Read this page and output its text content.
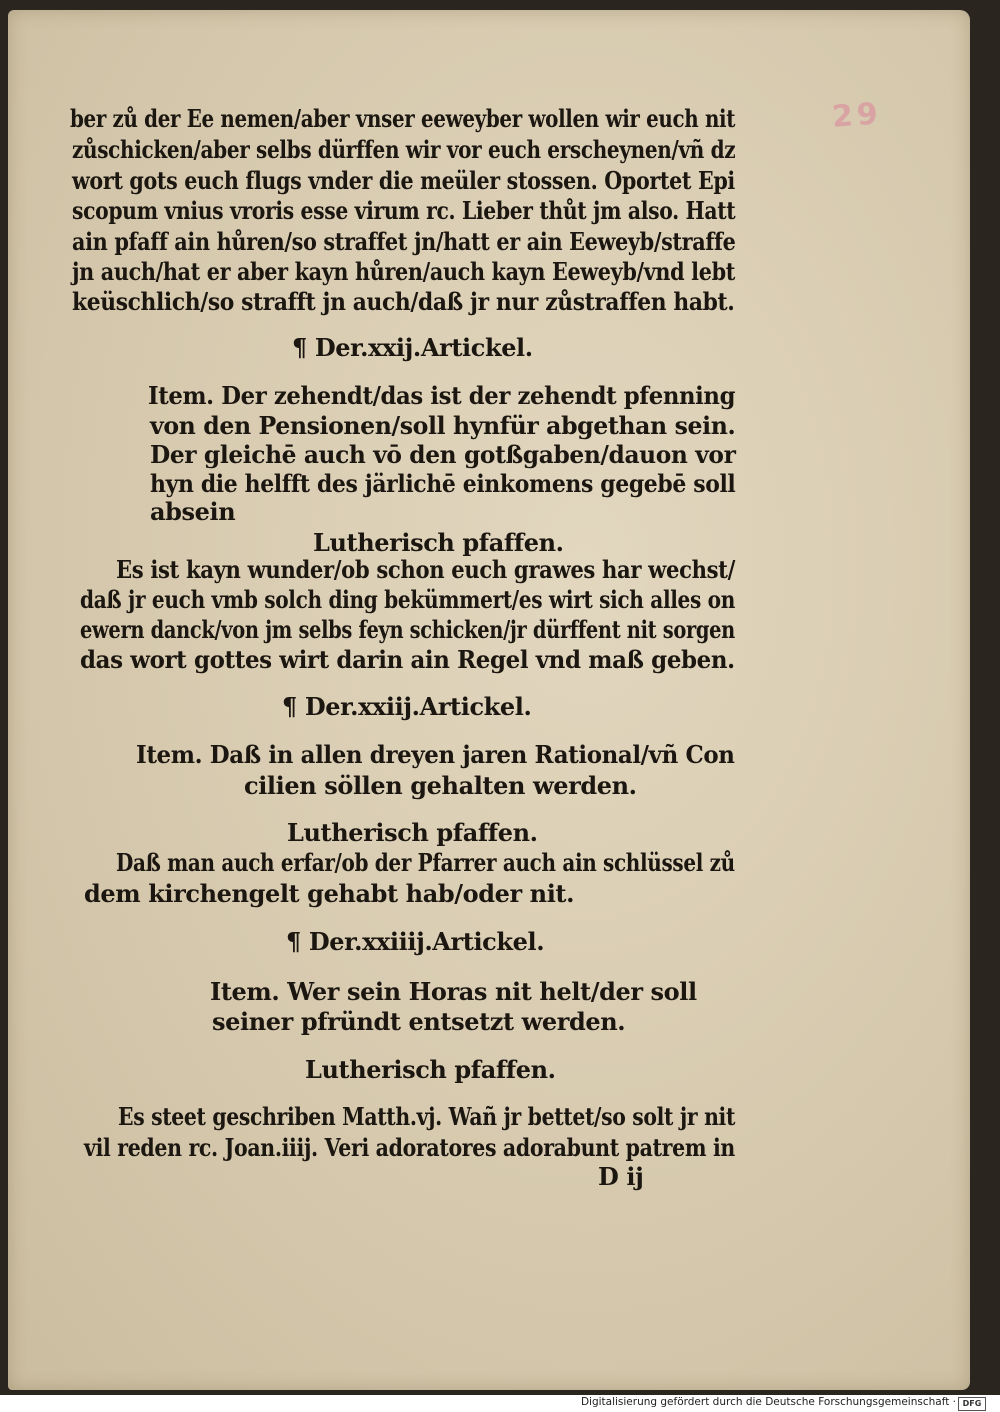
29
ber zů der Ee nemen/aber vnser eeweyber wollen wir euch nit
zůschicken/aber selbs dürffen wir vor euch erscheynen/vñ dz
wort gots euch flugs vnder die meüler stossen. Oportet Epi
scopum vnius vroris esse virum rc. Lieber thůt jm also. Hatt
ain pfaff ain hůren/so straffet jn/hatt er ain Eeweyb/straffe
jn auch/hat er aber kayn hůren/auch kayn Eeweyb/vnd lebt
keüschlich/so strafft jn auch/daß jr nur zůstraffen habt.
¶ Der.xxij.Artickel.
Item. Der zehendt/das ist der zehendt pfenning
von den Pensionen/soll hynfür abgethan sein.
Der gleichē auch vō den gotßgaben/dauon vor
hyn die helfft des järlichē einkomens gegebē soll
absein
Lutherisch pfaffen.
Es ist kayn wunder/ob schon euch grawes har wechst/
daß jr euch vmb solch ding bekümmert/es wirt sich alles on
ewern danck/von jm selbs feyn schicken/jr dürffent nit sorgen
das wort gottes wirt darin ain Regel vnd maß geben.
¶ Der.xxiij.Artickel.
Item. Daß in allen dreyen jaren Rational/vñ Con
cilien söllen gehalten werden.
Lutherisch pfaffen.
Daß man auch erfar/ob der Pfarrer auch ain schlüssel zů
dem kirchengelt gehabt hab/oder nit.
¶ Der.xxiiij.Artickel.
Item. Wer sein Horas nit helt/der soll
seiner pfründt entsetzt werden.
Lutherisch pfaffen.
Es steet geschriben Matth.vj. Wañ jr bettet/so solt jr nit
vil reden rc. Joan.iiij. Veri adoratores adorabunt patrem in
D ij
Digitalisierung gefördert durch die Deutsche Forschungsgemeinschaft · DFG
